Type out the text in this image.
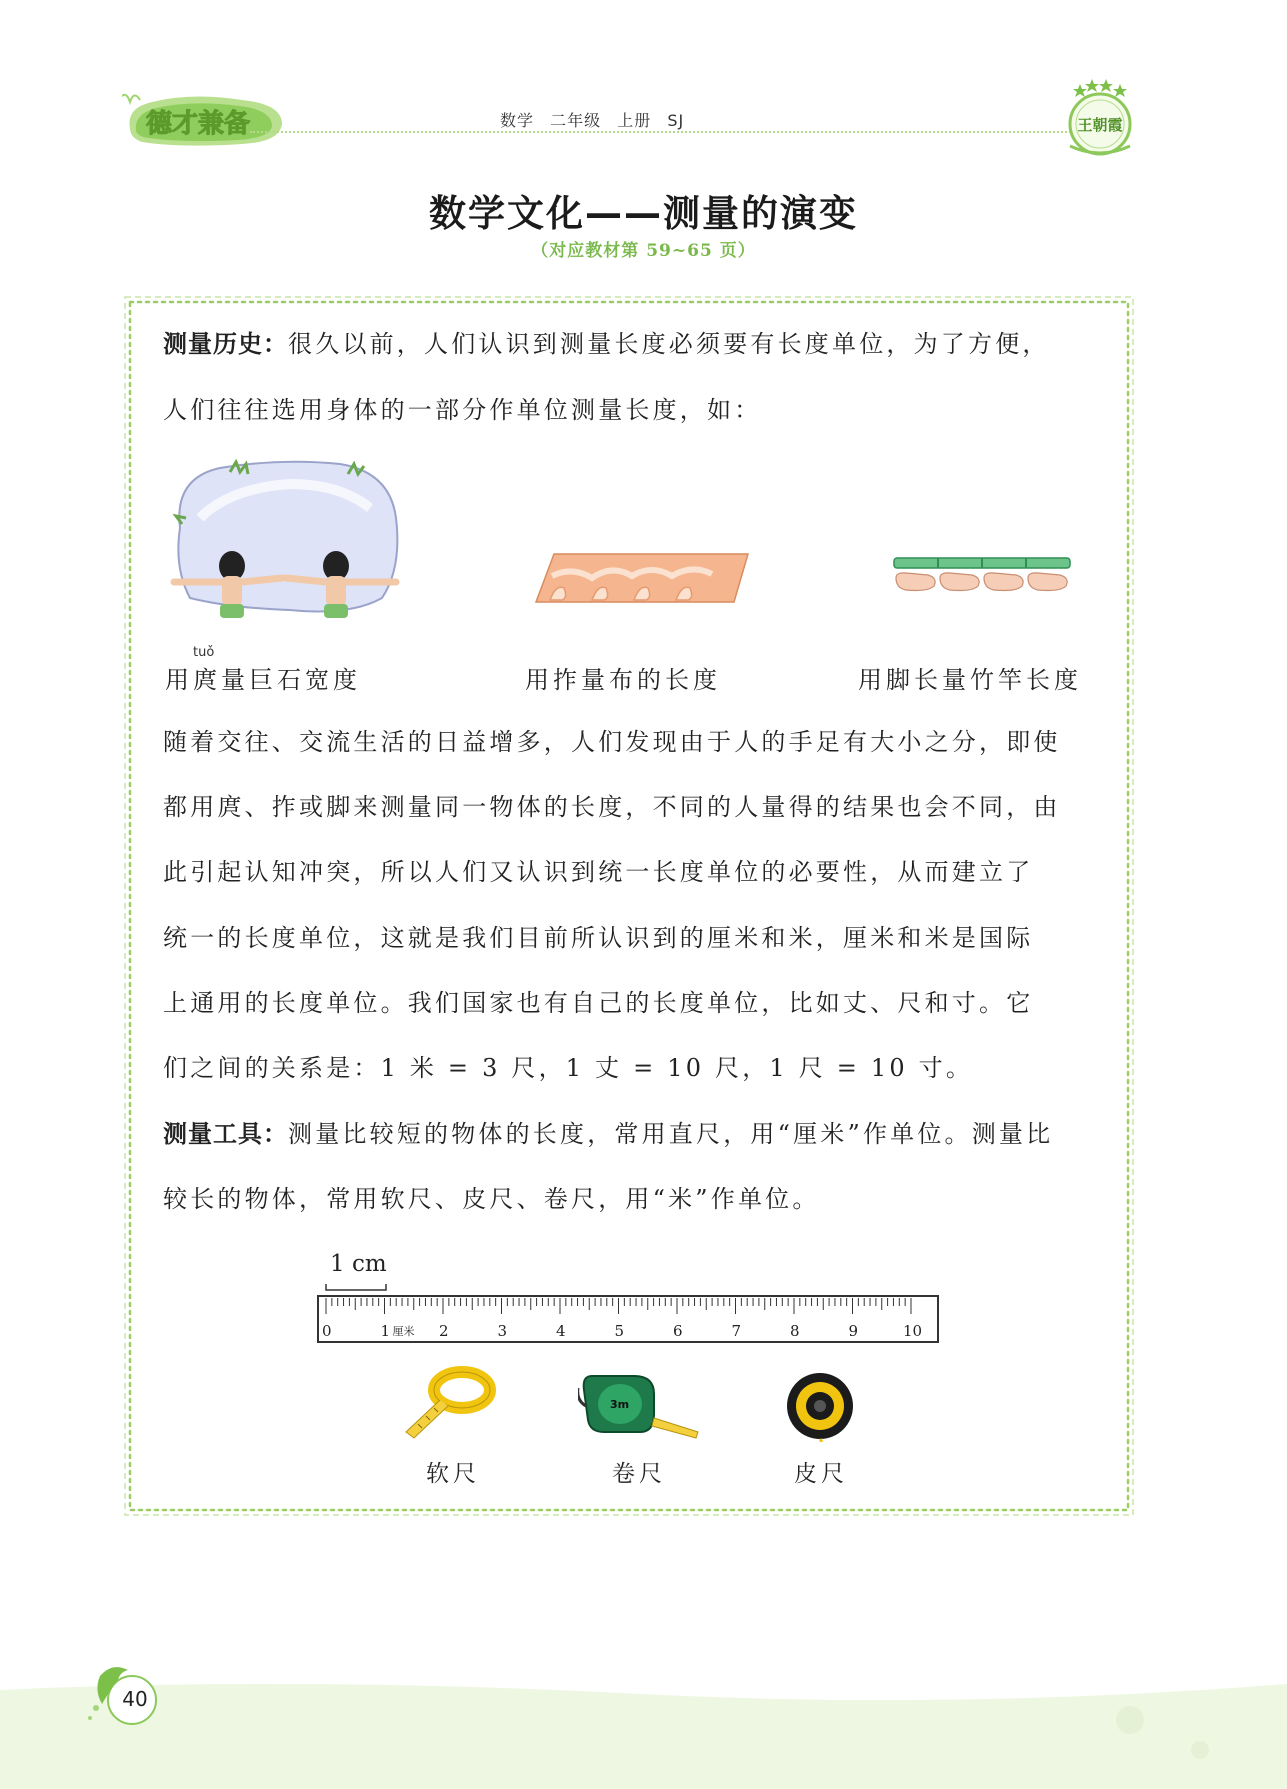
德才兼备	数学 二年级 上册 SJ	王朝霞
数学文化——测量的演变
（对应教材第 59~65 页）
测量历史：很久以前，人们认识到测量长度必须要有长度单位，为了方便，
人们往往选用身体的一部分作单位测量长度，如：
tuǒ
用庹量巨石宽度	用拃量布的长度	用脚长量竹竿长度
随着交往、交流生活的日益增多，人们发现由于人的手足有大小之分，即使
都用庹、拃或脚来测量同一物体的长度，不同的人量得的结果也会不同，由
此引起认知冲突，所以人们又认识到统一长度单位的必要性，从而建立了
统一的长度单位，这就是我们目前所认识到的厘米和米，厘米和米是国际
上通用的长度单位。我们国家也有自己的长度单位，比如丈、尺和寸。它
们之间的关系是：1 米 = 3 尺，1 丈 = 10 尺，1 尺 = 10 寸。
测量工具：测量比较短的物体的长度，常用直尺，用“厘米”作单位。测量比
较长的物体，常用软尺、皮尺、卷尺，用“米”作单位。
1 cm
0	1	2	3	4	5	6	7	8	9	10
厘米
3m
软尺	卷尺	皮尺
40
